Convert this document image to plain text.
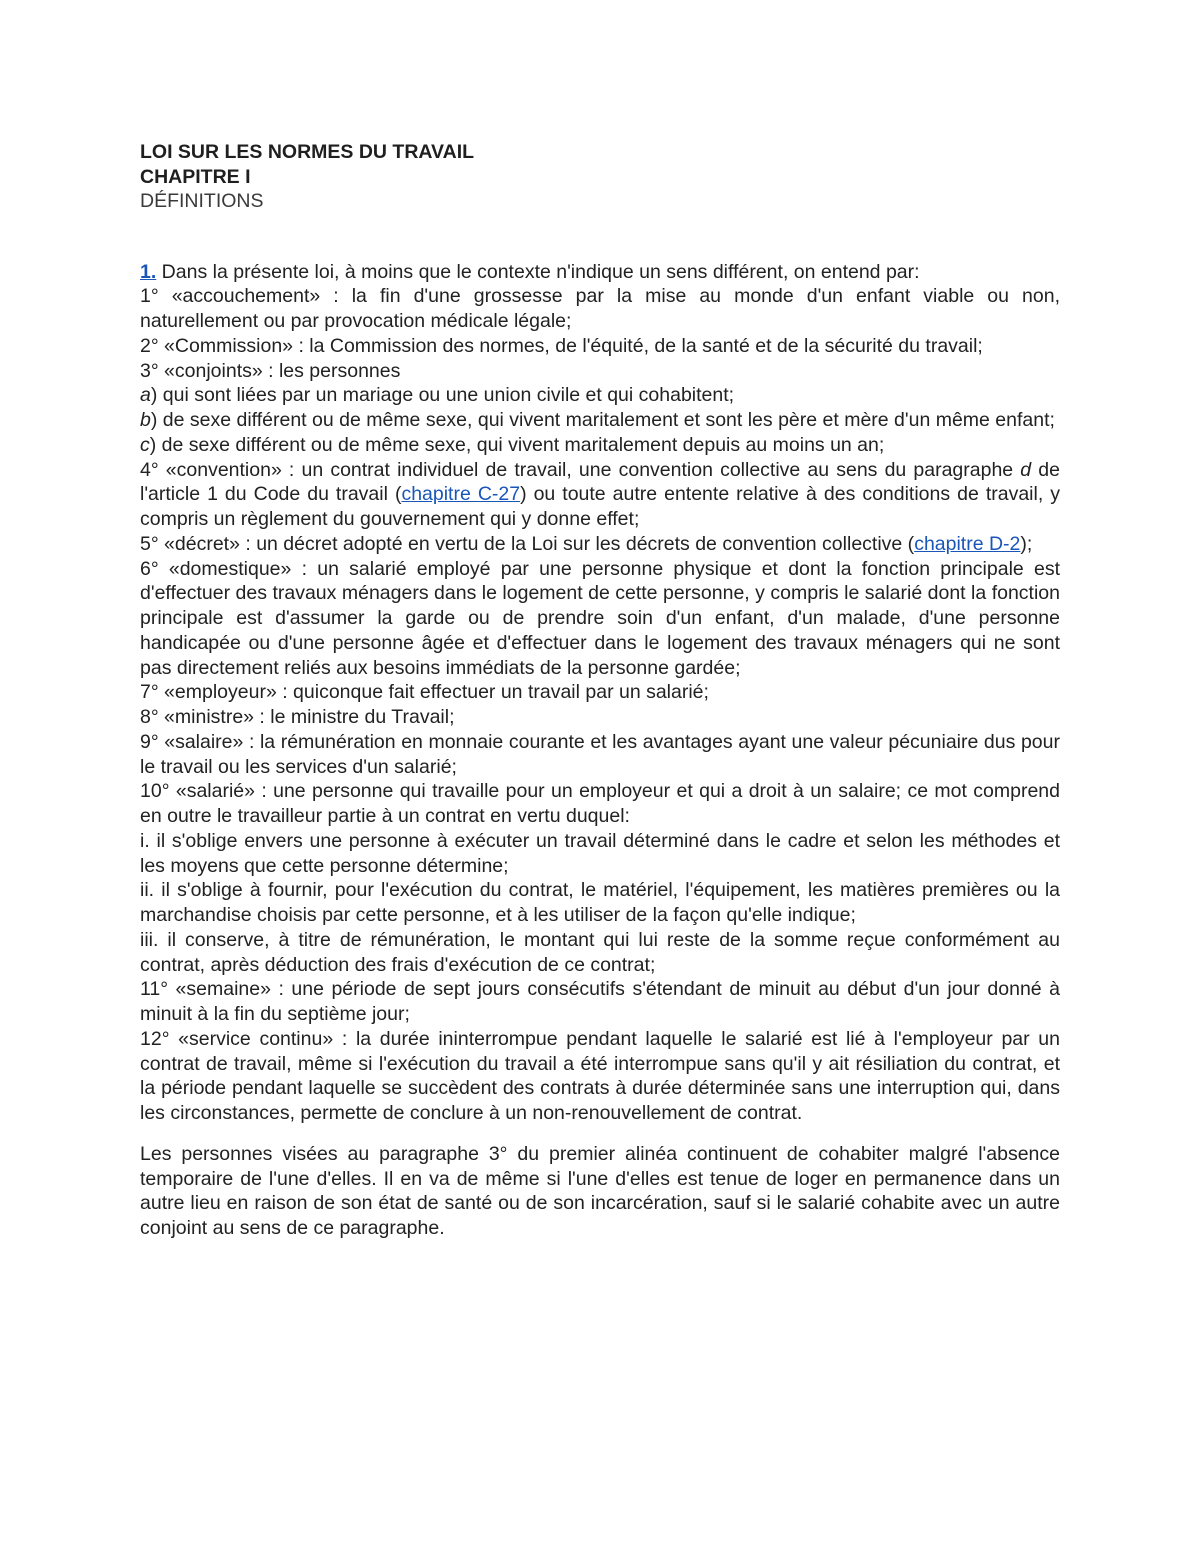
LOI SUR LES NORMES DU TRAVAIL
CHAPITRE I
DÉFINITIONS

1. Dans la présente loi, à moins que le contexte n'indique un sens différent, on entend par:

1° «accouchement» : la fin d'une grossesse par la mise au monde d'un enfant viable ou non, naturellement ou par provocation médicale légale;

2° «Commission» : la Commission des normes, de l'équité, de la santé et de la sécurité du travail;

3° «conjoints» : les personnes

a) qui sont liées par un mariage ou une union civile et qui cohabitent;

b) de sexe différent ou de même sexe, qui vivent maritalement et sont les père et mère d'un même enfant;

c) de sexe différent ou de même sexe, qui vivent maritalement depuis au moins un an;

4° «convention» : un contrat individuel de travail, une convention collective au sens du paragraphe d de l'article 1 du Code du travail (chapitre C-27) ou toute autre entente relative à des conditions de travail, y compris un règlement du gouvernement qui y donne effet;

5° «décret» : un décret adopté en vertu de la Loi sur les décrets de convention collective (chapitre D-2);

6° «domestique» : un salarié employé par une personne physique et dont la fonction principale est d'effectuer des travaux ménagers dans le logement de cette personne, y compris le salarié dont la fonction principale est d'assumer la garde ou de prendre soin d'un enfant, d'un malade, d'une personne handicapée ou d'une personne âgée et d'effectuer dans le logement des travaux ménagers qui ne sont pas directement reliés aux besoins immédiats de la personne gardée;

7° «employeur» : quiconque fait effectuer un travail par un salarié;

8° «ministre» : le ministre du Travail;

9° «salaire» : la rémunération en monnaie courante et les avantages ayant une valeur pécuniaire dus pour le travail ou les services d'un salarié;

10° «salarié» : une personne qui travaille pour un employeur et qui a droit à un salaire; ce mot comprend en outre le travailleur partie à un contrat en vertu duquel:

i. il s'oblige envers une personne à exécuter un travail déterminé dans le cadre et selon les méthodes et les moyens que cette personne détermine;

ii. il s'oblige à fournir, pour l'exécution du contrat, le matériel, l'équipement, les matières premières ou la marchandise choisis par cette personne, et à les utiliser de la façon qu'elle indique;

iii. il conserve, à titre de rémunération, le montant qui lui reste de la somme reçue conformément au contrat, après déduction des frais d'exécution de ce contrat;

11° «semaine» : une période de sept jours consécutifs s'étendant de minuit au début d'un jour donné à minuit à la fin du septième jour;

12° «service continu» : la durée ininterrompue pendant laquelle le salarié est lié à l'employeur par un contrat de travail, même si l'exécution du travail a été interrompue sans qu'il y ait résiliation du contrat, et la période pendant laquelle se succèdent des contrats à durée déterminée sans une interruption qui, dans les circonstances, permette de conclure à un non-renouvellement de contrat.

Les personnes visées au paragraphe 3° du premier alinéa continuent de cohabiter malgré l'absence temporaire de l'une d'elles. Il en va de même si l'une d'elles est tenue de loger en permanence dans un autre lieu en raison de son état de santé ou de son incarcération, sauf si le salarié cohabite avec un autre conjoint au sens de ce paragraphe.
